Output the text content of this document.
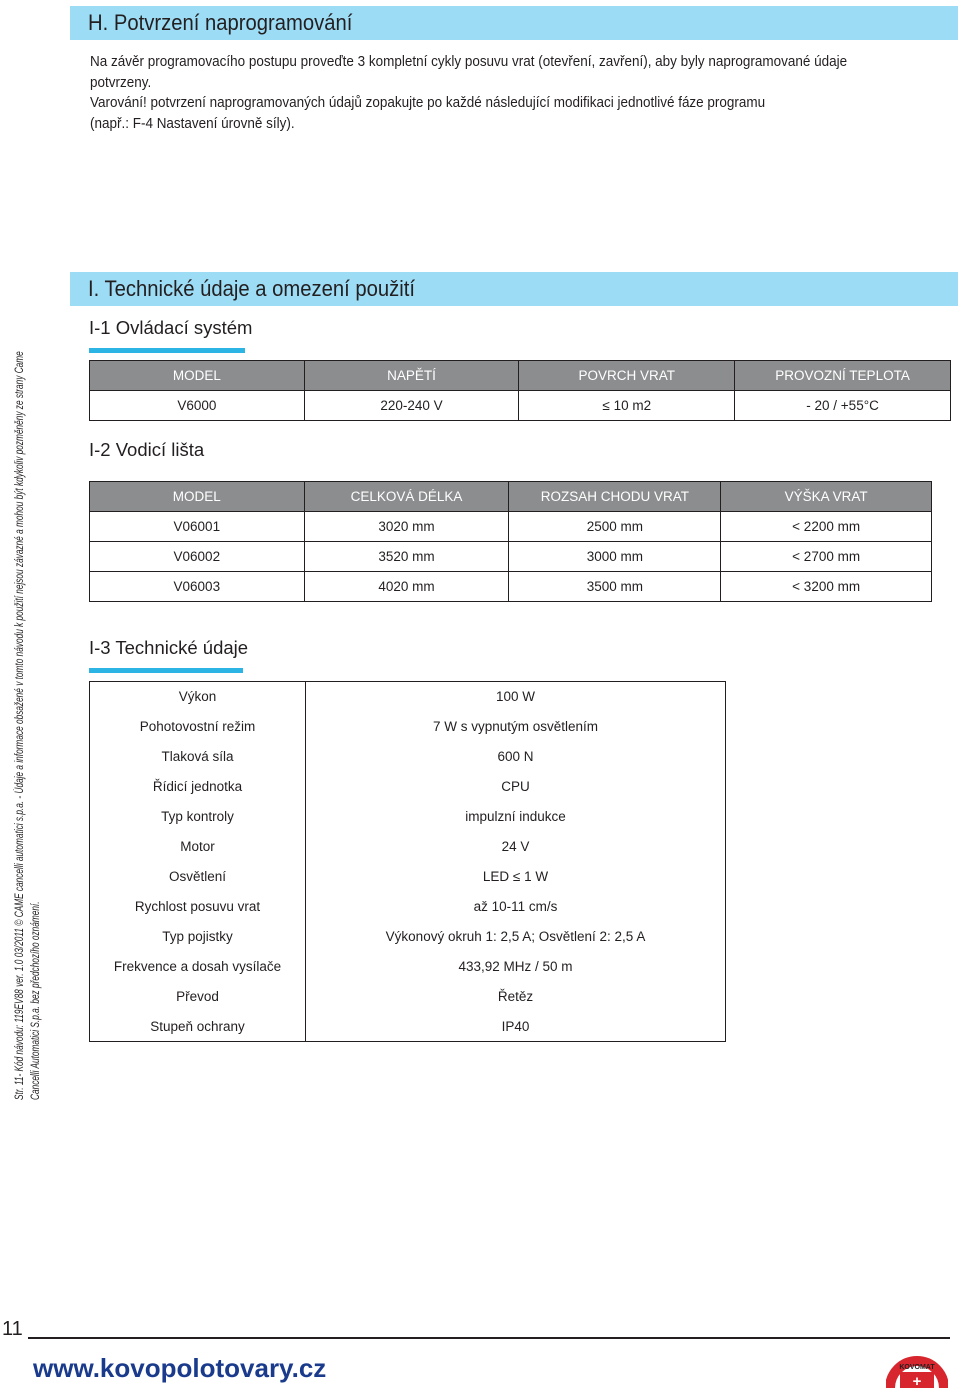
H. Potvrzení naprogramování
Na závěr programovacího postupu proveďte 3 kompletní cykly posuvu vrat (otevření, zavření), aby byly naprogramované údaje
potvrzeny.
Varování! potvrzení naprogramovaných údajů zopakujte po každé následující modifikaci jednotlivé fáze programu
(např.: F-4 Nastavení úrovně síly).
I. Technické údaje a omezení použití
I-1 Ovládací systém
MODEL	NAPĚTÍ	POVRCH VRAT	PROVOZNÍ TEPLOTA
V6000	220-240 V	≤ 10 m2	- 20 / +55°C
I-2 Vodicí lišta
MODEL	CELKOVÁ DÉLKA	ROZSAH CHODU VRAT	VÝŠKA VRAT
V06001	3020 mm	2500 mm	< 2200 mm
V06002	3520 mm	3000 mm	< 2700 mm
V06003	4020 mm	3500 mm	< 3200 mm
I-3 Technické údaje
Výkon	100 W
Pohotovostní režim	7 W s vypnutým osvětlením
Tlaková síla	600 N
Řídicí jednotka	CPU
Typ kontroly	impulzní indukce
Motor	24 V
Osvětlení	LED ≤ 1 W
Rychlost posuvu vrat	až 10-11 cm/s
Typ pojistky	Výkonový okruh 1: 2,5 A; Osvětlení 2: 2,5 A
Frekvence a dosah vysílače	433,92 MHz / 50 m
Převod	Řetěz
Stupeň ochrany	IP40
Str. 11- Kód návodu: 119EV88 ver. 1.0 03/2011 © CAME cancelli automatici s.p.a. - Údaje a informace obsažené v tomto návodu k použití nejsou závazné a mohou být kdykoliv pozměněny ze strany Came Cancelli Automatici S.p.a. bez předchozího oznámení.
11
www.kovopolotovary.cz	+
KOVOMAT
